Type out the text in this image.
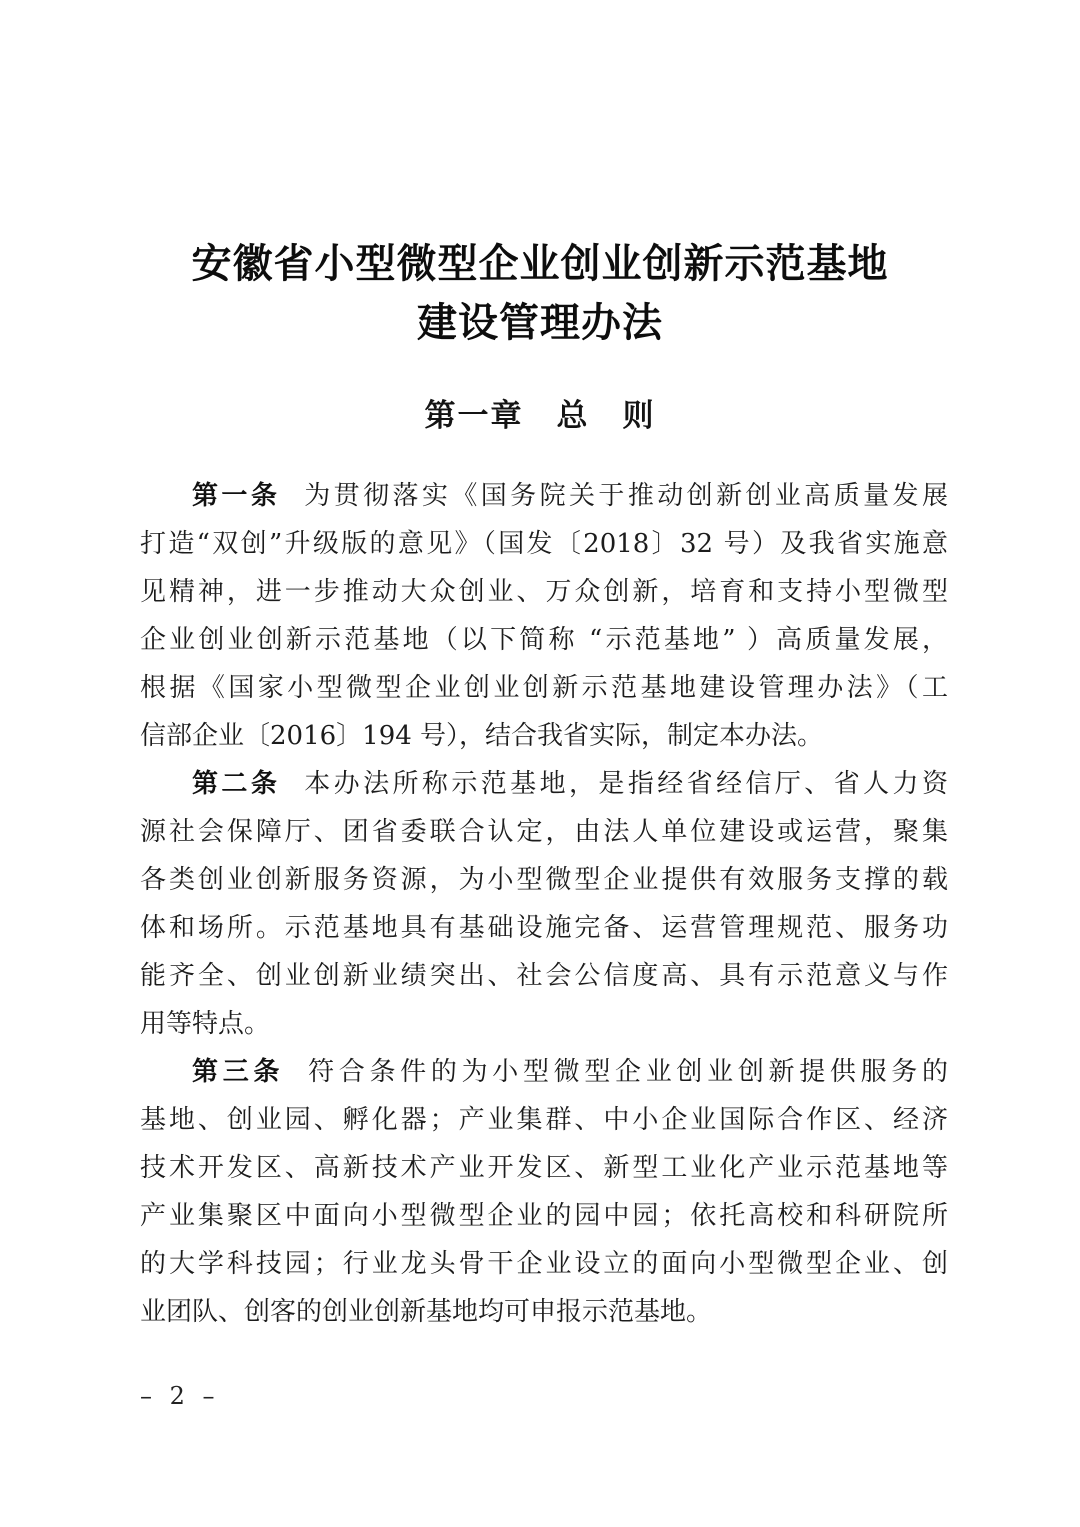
安徽省小型微型企业创业创新示范基地
建设管理办法
第一章　总　则
第一条 为贯彻落实《国务院关于推动创新创业高质量发展
打造“双创”升级版的意见》（国发〔2018〕32 号）及我省实施意
见精神，进一步推动大众创业、万众创新，培育和支持小型微型
企业创业创新示范基地（以下简称 “示范基地” ）高质量发展，
根据《国家小型微型企业创业创新示范基地建设管理办法》（工
信部企业〔2016〕194 号），结合我省实际，制定本办法。
第二条 本办法所称示范基地，是指经省经信厅、省人力资
源社会保障厅、团省委联合认定，由法人单位建设或运营，聚集
各类创业创新服务资源，为小型微型企业提供有效服务支撑的载
体和场所。示范基地具有基础设施完备、运营管理规范、服务功
能齐全、创业创新业绩突出、社会公信度高、具有示范意义与作
用等特点。
第三条 符合条件的为小型微型企业创业创新提供服务的
基地、创业园、孵化器；产业集群、中小企业国际合作区、经济
技术开发区、高新技术产业开发区、新型工业化产业示范基地等
产业集聚区中面向小型微型企业的园中园；依托高校和科研院所
的大学科技园；行业龙头骨干企业设立的面向小型微型企业、创
业团队、创客的创业创新基地均可申报示范基地。
– 2 –
